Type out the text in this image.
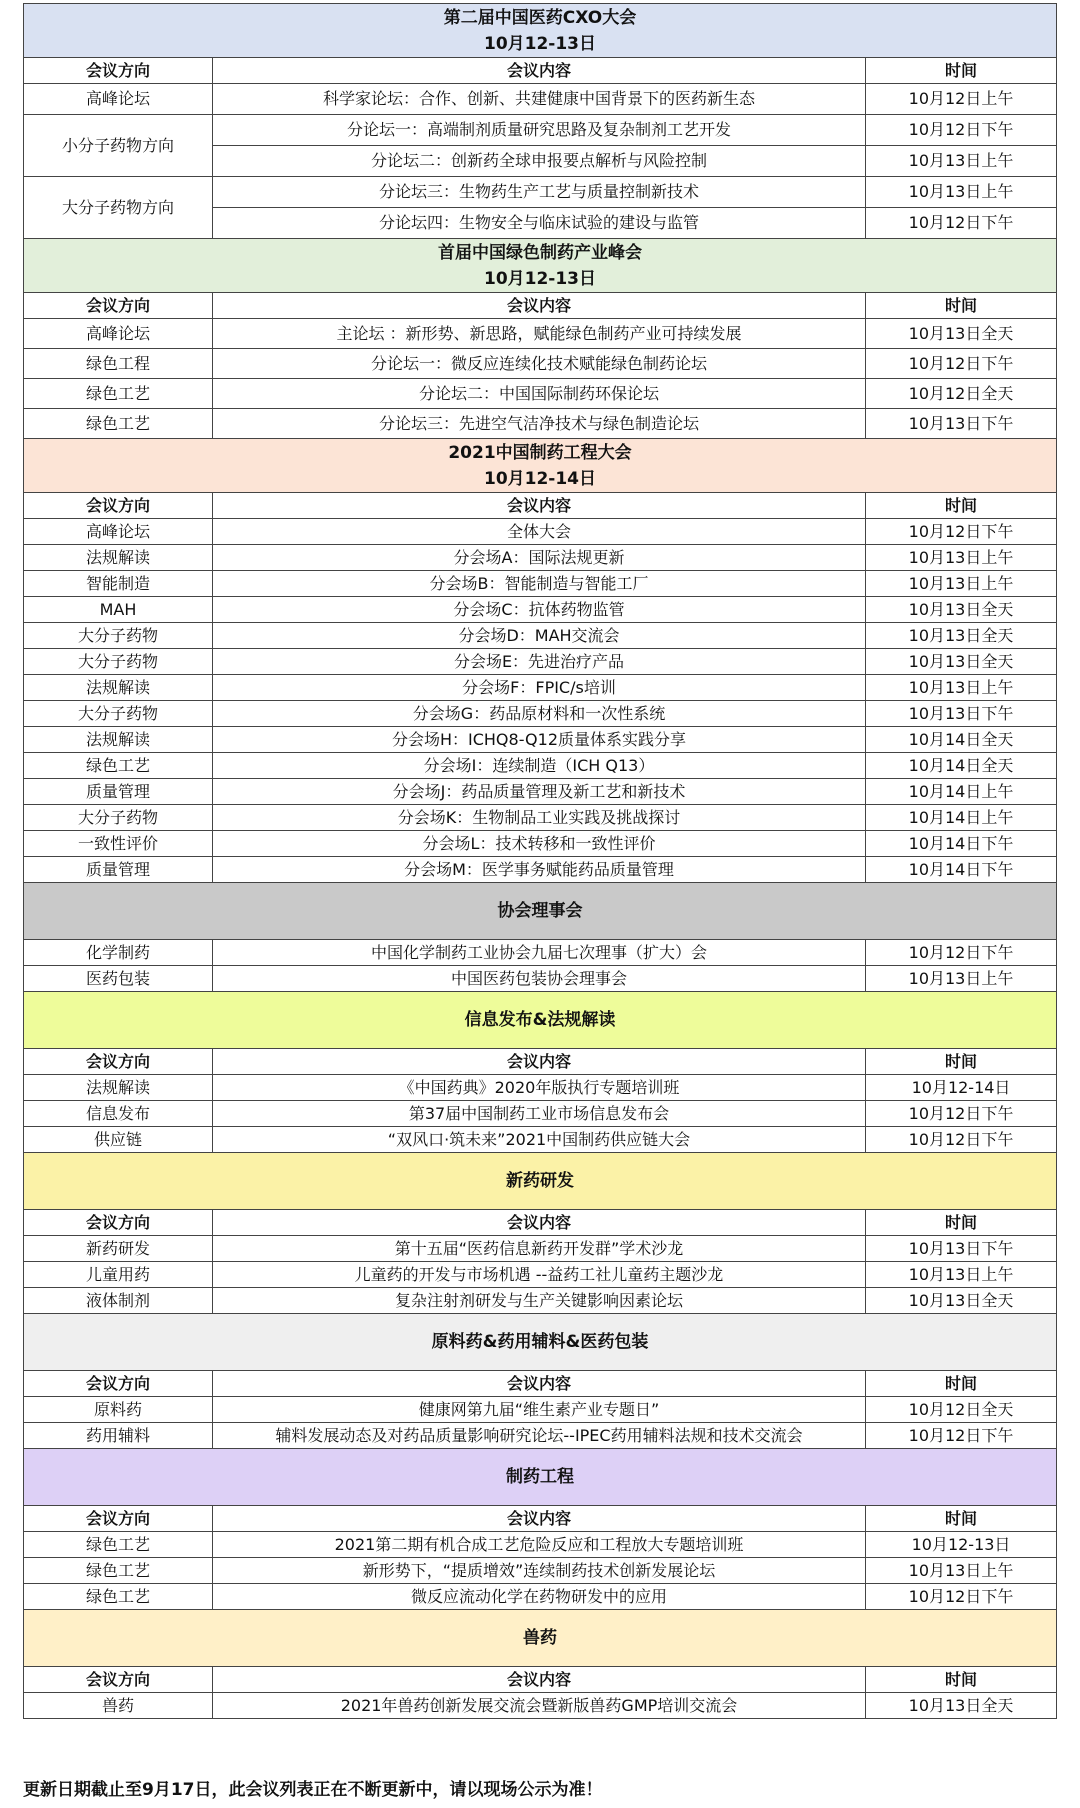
第二届中国医药CXO大会
10月12-13日		

会议方向	会议内容	时间
高峰论坛	科学家论坛：合作、创新、共建健康中国背景下的医药新生态	10月12日上午
小分子药物方向	分论坛一：高端制剂质量研究思路及复杂制剂工艺开发	10月12日下午
	分论坛二：创新药全球申报要点解析与风险控制	10月13日上午
大分子药物方向	分论坛三：生物药生产工艺与质量控制新技术	10月13日上午
	分论坛四：生物安全与临床试验的建设与监管	10月12日下午

首届中国绿色制药产业峰会
10月12-13日		

会议方向	会议内容	时间
高峰论坛	主论坛 ：新形势、新思路，赋能绿色制药产业可持续发展	10月13日全天
绿色工程	分论坛一：微反应连续化技术赋能绿色制药论坛	10月12日下午
绿色工艺	分论坛二：中国国际制药环保论坛	10月12日全天
绿色工艺	分论坛三：先进空气洁净技术与绿色制造论坛	10月13日下午

2021中国制药工程大会
10月12-14日		

会议方向	会议内容	时间
高峰论坛	全体大会	10月12日下午
法规解读	分会场A：国际法规更新	10月13日上午
智能制造	分会场B：智能制造与智能工厂	10月13日上午
MAH	分会场C：抗体药物监管	10月13日全天
大分子药物	分会场D：MAH交流会	10月13日全天
大分子药物	分会场E：先进治疗产品	10月13日全天
法规解读	分会场F：FPIC/s培训	10月13日上午
大分子药物	分会场G：药品原材料和一次性系统	10月13日下午
法规解读	分会场H：ICHQ8-Q12质量体系实践分享	10月14日全天
绿色工艺	分会场I：连续制造（ICH Q13）	10月14日全天
质量管理	分会场J：药品质量管理及新工艺和新技术	10月14日上午
大分子药物	分会场K：生物制品工业实践及挑战探讨	10月14日上午
一致性评价	分会场L：技术转移和一致性评价	10月14日下午
质量管理	分会场M：医学事务赋能药品质量管理	10月14日下午
协会理事会		
化学制药	中国化学制药工业协会九届七次理事（扩大）会	10月12日下午
医药包装	中国医药包装协会理事会	10月13日上午
信息发布&法规解读		
会议方向	会议内容	时间
法规解读	《中国药典》2020年版执行专题培训班	10月12-14日
信息发布	第37届中国制药工业市场信息发布会	10月12日下午
供应链	“双风口·筑未来”2021中国制药供应链大会	10月12日下午
新药研发		
会议方向	会议内容	时间
新药研发	第十五届“医药信息新药开发群”学术沙龙	10月13日下午
儿童用药	儿童药的开发与市场机遇 --益药工社儿童药主题沙龙	10月13日上午
液体制剂	复杂注射剂研发与生产关键影响因素论坛	10月13日全天
原料药&药用辅料&医药包装		
会议方向	会议内容	时间
原料药	健康网第九届“维生素产业专题日”	10月12日全天
药用辅料	辅料发展动态及对药品质量影响研究论坛--IPEC药用辅料法规和技术交流会	10月12日下午
制药工程		
会议方向	会议内容	时间
绿色工艺	2021第二期有机合成工艺危险反应和工程放大专题培训班	10月12-13日
绿色工艺	新形势下，“提质增效”连续制药技术创新发展论坛	10月13日上午
绿色工艺	微反应流动化学在药物研发中的应用	10月12日下午
兽药		
会议方向	会议内容	时间
兽药	2021年兽药创新发展交流会暨新版兽药GMP培训交流会	10月13日全天
更新日期截止至9月17日，此会议列表正在不断更新中，请以现场公示为准！
